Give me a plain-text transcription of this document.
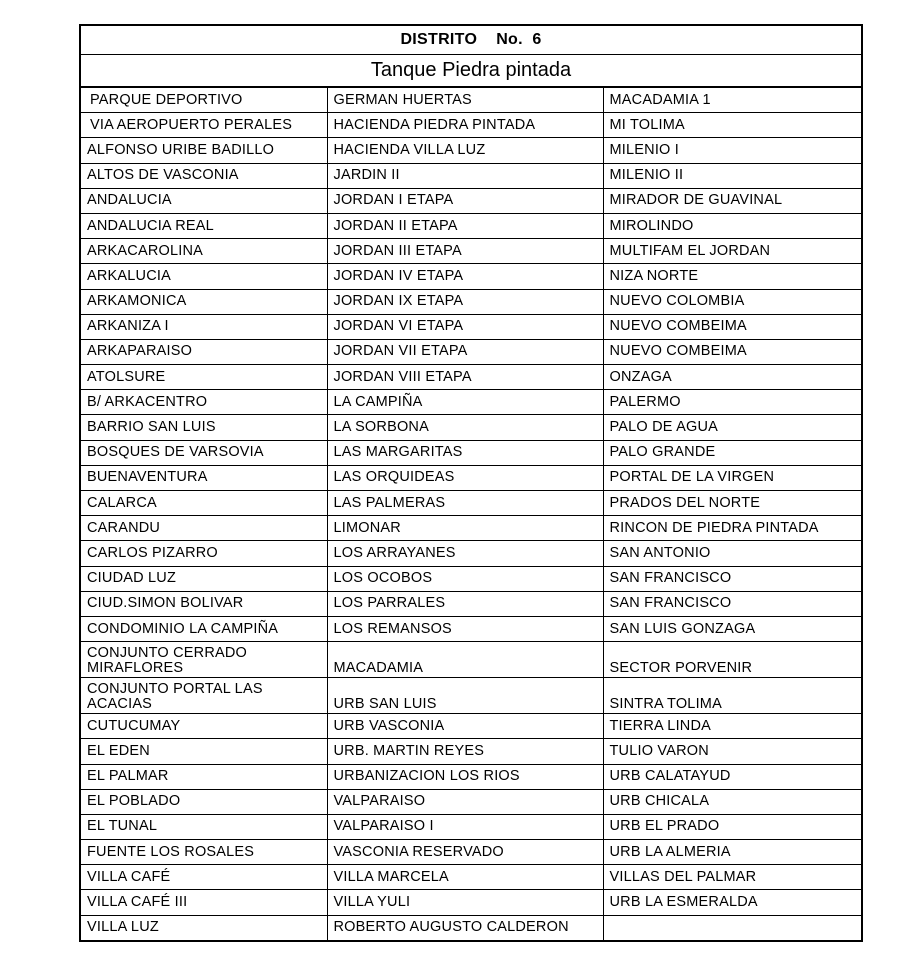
DISTRITO    No.  6
Tanque Piedra pintada
PARQUE DEPORTIVO	GERMAN HUERTAS	MACADAMIA 1
VIA AEROPUERTO PERALES	HACIENDA PIEDRA PINTADA	MI TOLIMA
ALFONSO URIBE BADILLO	HACIENDA VILLA LUZ	MILENIO I
ALTOS DE VASCONIA	JARDIN II	MILENIO II
ANDALUCIA	JORDAN I ETAPA	MIRADOR DE GUAVINAL
ANDALUCIA REAL	JORDAN II ETAPA	MIROLINDO
ARKACAROLINA	JORDAN III ETAPA	MULTIFAM EL JORDAN
ARKALUCIA	JORDAN IV ETAPA	NIZA NORTE
ARKAMONICA	JORDAN IX ETAPA	NUEVO COLOMBIA
ARKANIZA I	JORDAN VI ETAPA	NUEVO COMBEIMA
ARKAPARAISO	JORDAN VII ETAPA	NUEVO COMBEIMA
ATOLSURE	JORDAN VIII ETAPA	ONZAGA
B/ ARKACENTRO	LA CAMPIÑA	PALERMO
BARRIO SAN LUIS	LA SORBONA	PALO DE AGUA
BOSQUES DE VARSOVIA	LAS MARGARITAS	PALO GRANDE
BUENAVENTURA	LAS ORQUIDEAS	PORTAL DE LA VIRGEN
CALARCA	LAS PALMERAS	PRADOS DEL NORTE
CARANDU	LIMONAR	RINCON DE PIEDRA PINTADA
CARLOS PIZARRO	LOS ARRAYANES	SAN ANTONIO
CIUDAD LUZ	LOS OCOBOS	SAN FRANCISCO
CIUD.SIMON BOLIVAR	LOS PARRALES	SAN FRANCISCO
CONDOMINIO LA CAMPIÑA	LOS REMANSOS	SAN LUIS GONZAGA
CONJUNTO CERRADO MIRAFLORES	MACADAMIA	SECTOR PORVENIR
CONJUNTO PORTAL LAS ACACIAS	URB SAN LUIS	SINTRA TOLIMA
CUTUCUMAY	URB VASCONIA	TIERRA LINDA
EL EDEN	URB. MARTIN REYES	TULIO VARON
EL PALMAR	URBANIZACION LOS RIOS	URB CALATAYUD
EL POBLADO	VALPARAISO	URB CHICALA
EL TUNAL	VALPARAISO I	URB EL PRADO
FUENTE LOS ROSALES	VASCONIA RESERVADO	URB LA ALMERIA
VILLA CAFÉ	VILLA MARCELA	VILLAS DEL PALMAR
VILLA CAFÉ III	VILLA YULI	URB LA ESMERALDA
VILLA LUZ	ROBERTO AUGUSTO CALDERON	
